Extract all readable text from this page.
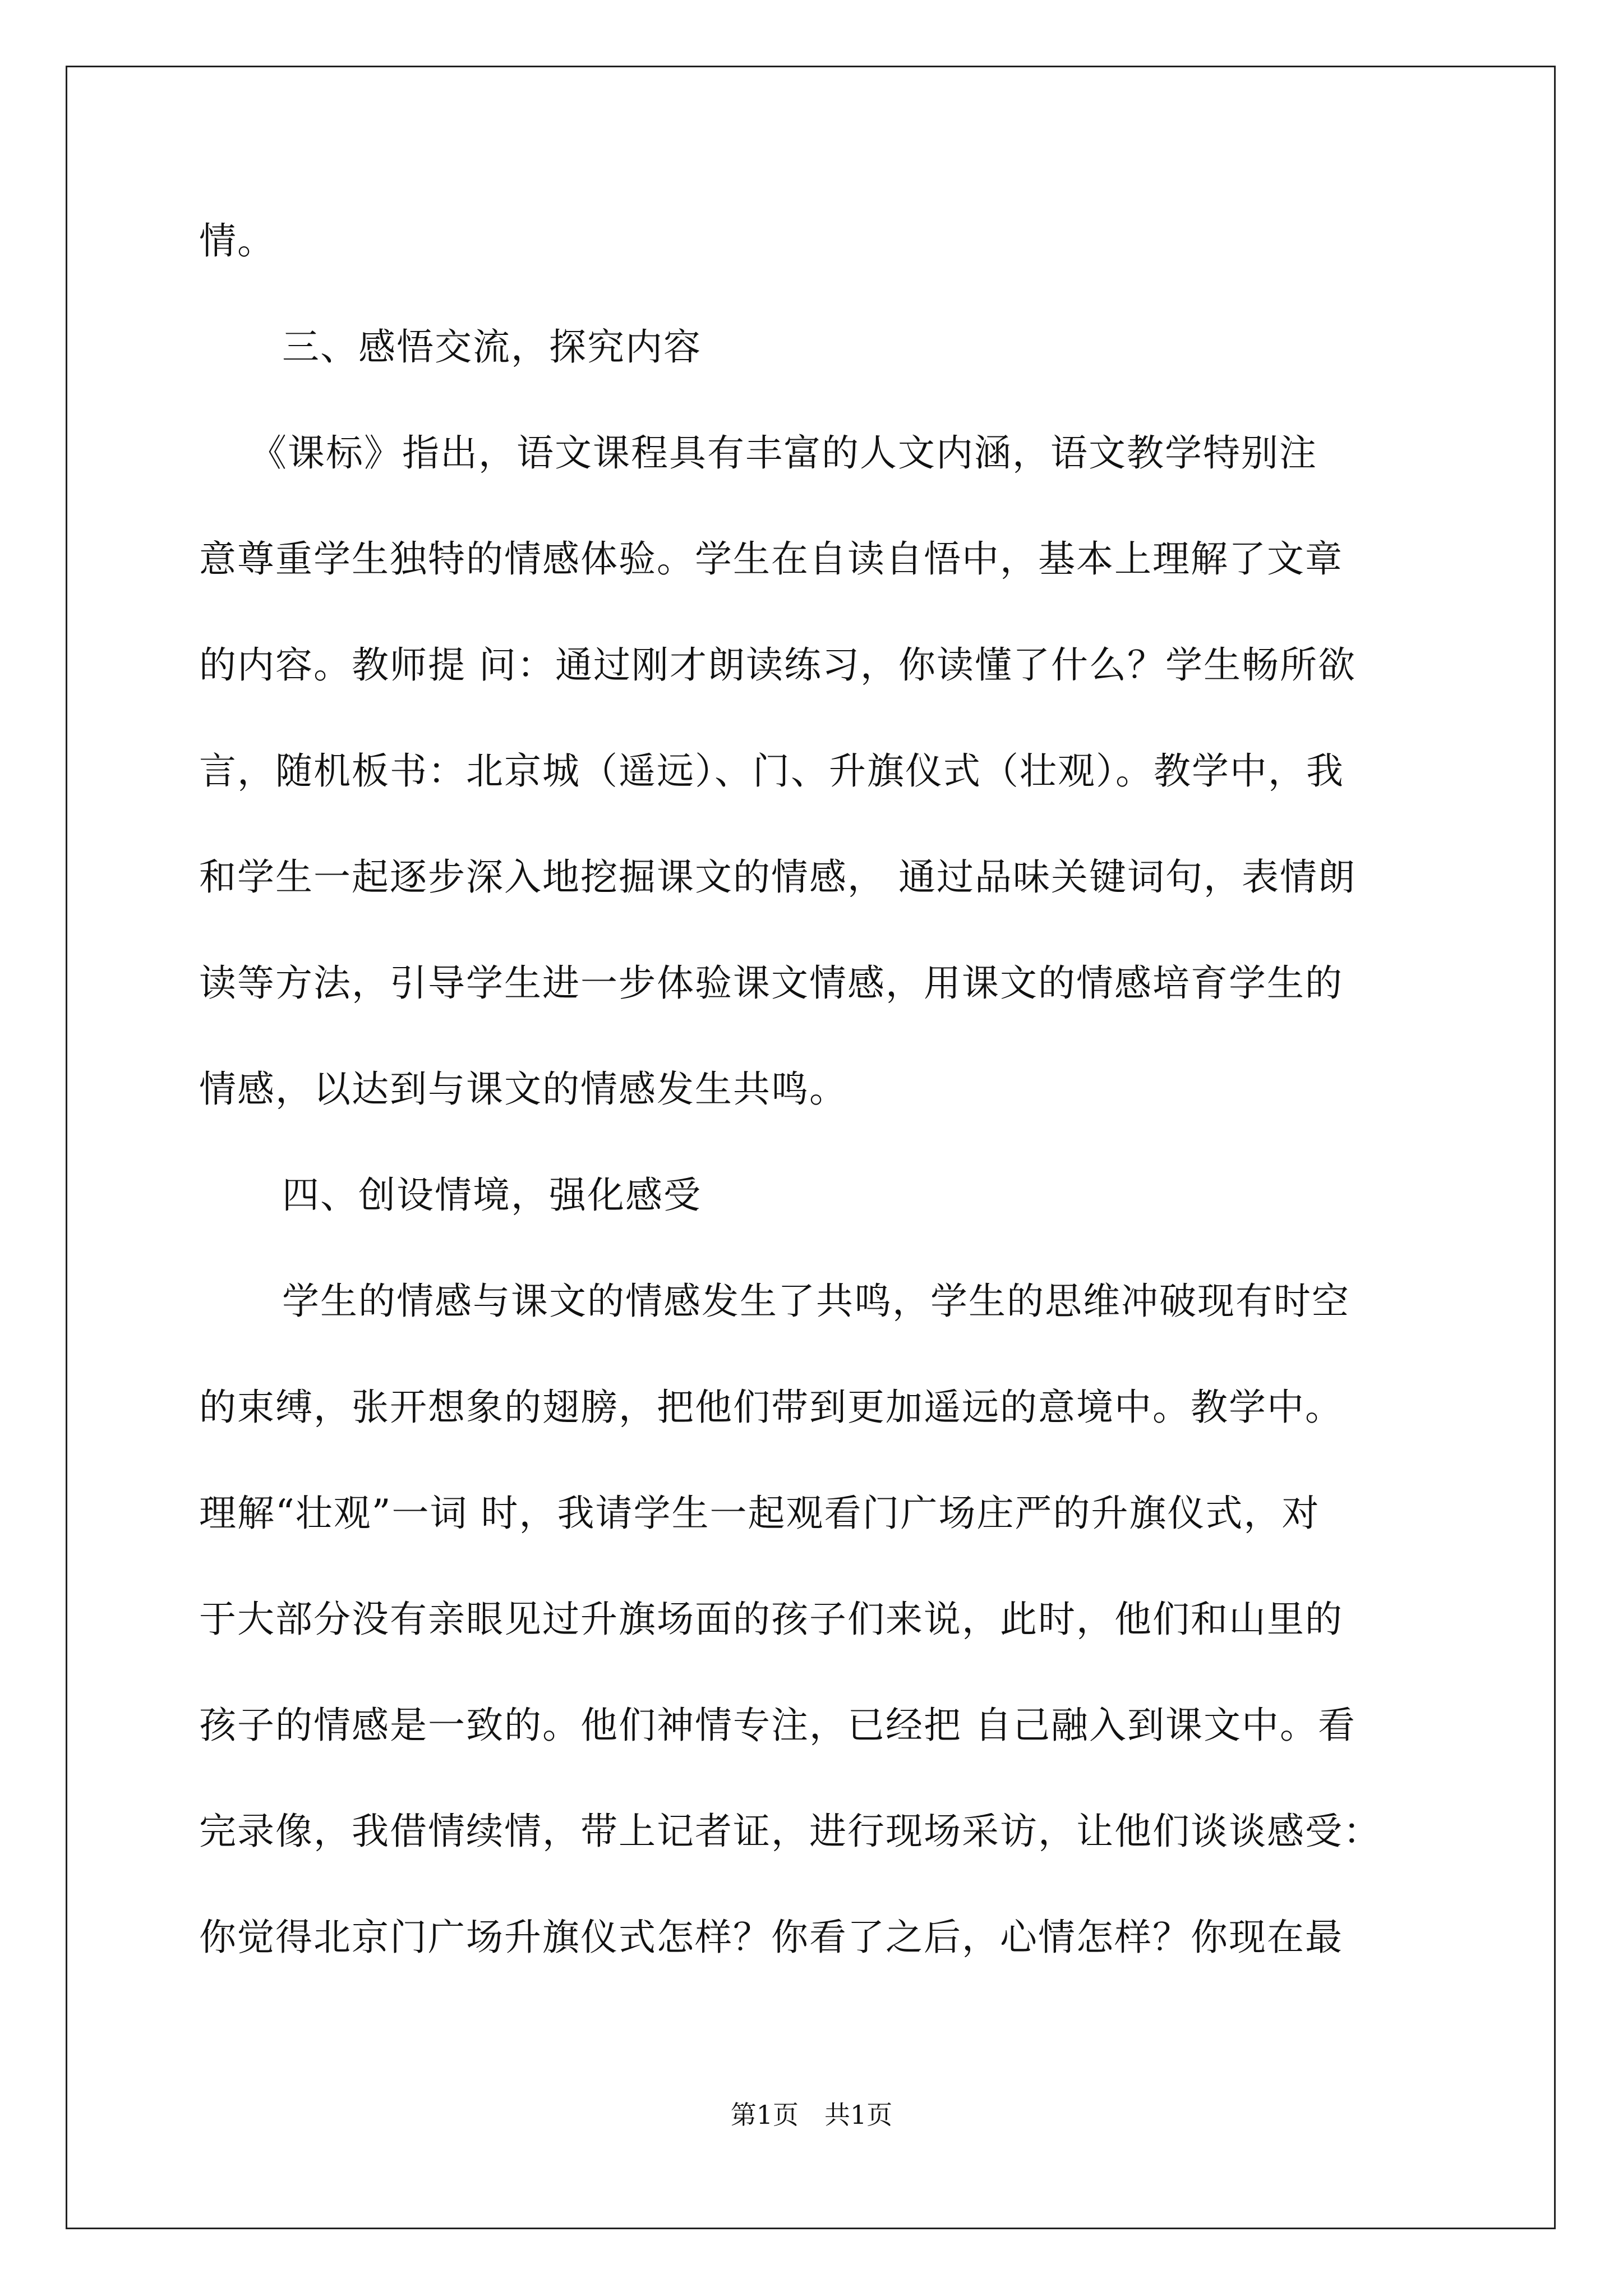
情。
三、感悟交流，探究内容
《课标》指出，语文课程具有丰富的人文内涵，语文教学特别注
意尊重学生独特的情感体验。学生在自读自悟中，基本上理解了文章
的内容。教师提 问：通过刚才朗读练习，你读懂了什么？学生畅所欲
言，随机板书：北京城（遥远）、门、升旗仪式（壮观）。教学中，我
和学生一起逐步深入地挖掘课文的情感， 通过品味关键词句，表情朗
读等方法，引导学生进一步体验课文情感，用课文的情感培育学生的
情感，以达到与课文的情感发生共鸣。
四、创设情境，强化感受
学生的情感与课文的情感发生了共鸣，学生的思维冲破现有时空
的束缚，张开想象的翅膀，把他们带到更加遥远的意境中。教学中。
理解“壮观”一词 时，我请学生一起观看门广场庄严的升旗仪式，对
于大部分没有亲眼见过升旗场面的孩子们来说，此时，他们和山里的
孩子的情感是一致的。他们神情专注，已经把 自己融入到课文中。看
完录像，我借情续情，带上记者证，进行现场采访，让他们谈谈感受：
你觉得北京门广场升旗仪式怎样？你看了之后，心情怎样？你现在最
第1页　共1页
